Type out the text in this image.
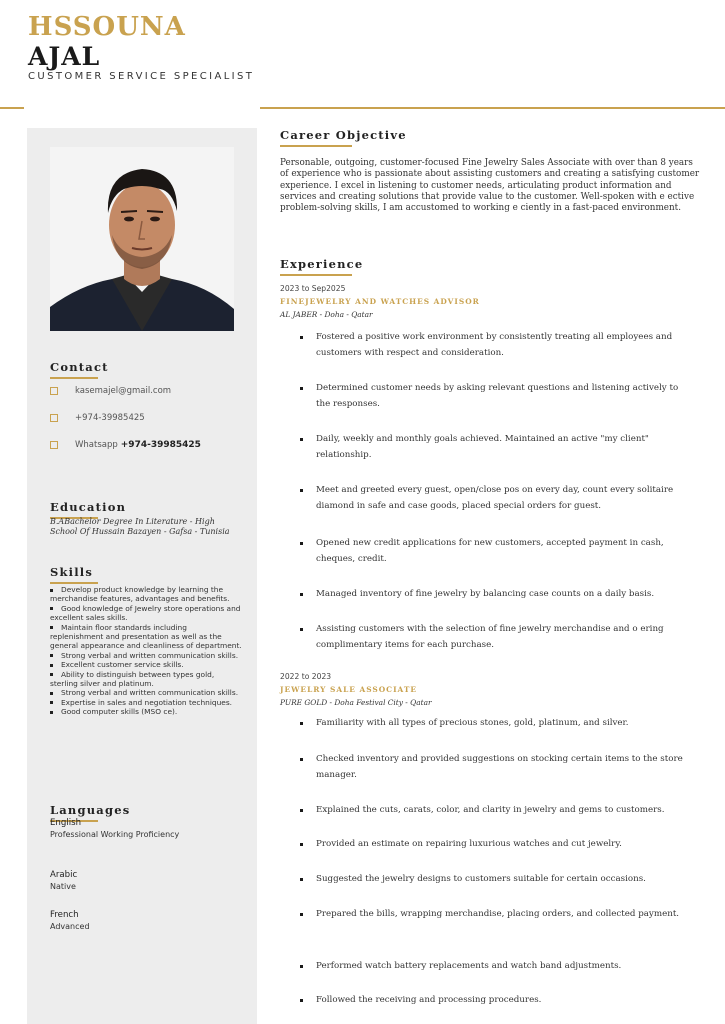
HSSOUNA
AJAL
CUSTOMER SERVICE SPECIALIST
Contact
kasemajel@gmail.com
+974-39985425
Whatsapp +974-39985425
Education
B.ABachelor Degree In Literature - High School Of Hussain Bazayen - Gafsa - Tunisia
Skills
Develop product knowledge by learning the merchandise features, advantages and benefits.
Good knowledge of Jewelry store operations and excellent sales skills.
Maintain floor standards including replenishment and presentation as well as the general appearance and cleanliness of department.
Strong verbal and written communication skills.
Excellent customer service skills.
Ability to distinguish between types gold, sterling silver and platinum.
Strong verbal and written communication skills.
Expertise in sales and negotiation techniques.
Good computer skills (MSO ce).
Languages
English
Professional Working Proficiency
Arabic
Native
French
Advanced
Career Objective
Personable, outgoing, customer-focused Fine Jewelry Sales Associate with over than 8 years of experience who is passionate about assisting customers and creating a satisfying customer experience. I excel in listening to customer needs, articulating product information and services and creating solutions that provide value to the customer. Well-spoken with e ective problem-solving skills, I am accustomed to working e ciently in a fast-paced environment.
Experience
2023 to Sep2025
FINEJEWELRY AND WATCHES ADVISOR
AL JABER - Doha - Qatar
Fostered a positive work environment by consistently treating all employees and customers with respect and consideration.
Determined customer needs by asking relevant questions and listening actively to the responses.
Daily, weekly and monthly goals achieved. Maintained an active "my client" relationship.
Meet and greeted every guest, open/close pos on every day, count every solitaire diamond in safe and case goods, placed special orders for guest.
Opened new credit applications for new customers, accepted payment in cash, cheques, credit.
Managed inventory of fine jewelry by balancing case counts on a daily basis.
Assisting customers with the selection of fine jewelry merchandise and o ering complimentary items for each purchase.
2022 to 2023
JEWELRY SALE ASSOCIATE
PURE GOLD - Doha Festival City - Qatar
Familiarity with all types of precious stones, gold, platinum, and silver.
Checked inventory and provided suggestions on stocking certain items to the store manager.
Explained the cuts, carats, color, and clarity in jewelry and gems to customers.
Provided an estimate on repairing luxurious watches and cut jewelry.
Suggested the jewelry designs to customers suitable for certain occasions.
Prepared the bills, wrapping merchandise, placing orders, and collected payment.
Performed watch battery replacements and watch band adjustments.
Followed the receiving and processing procedures.
